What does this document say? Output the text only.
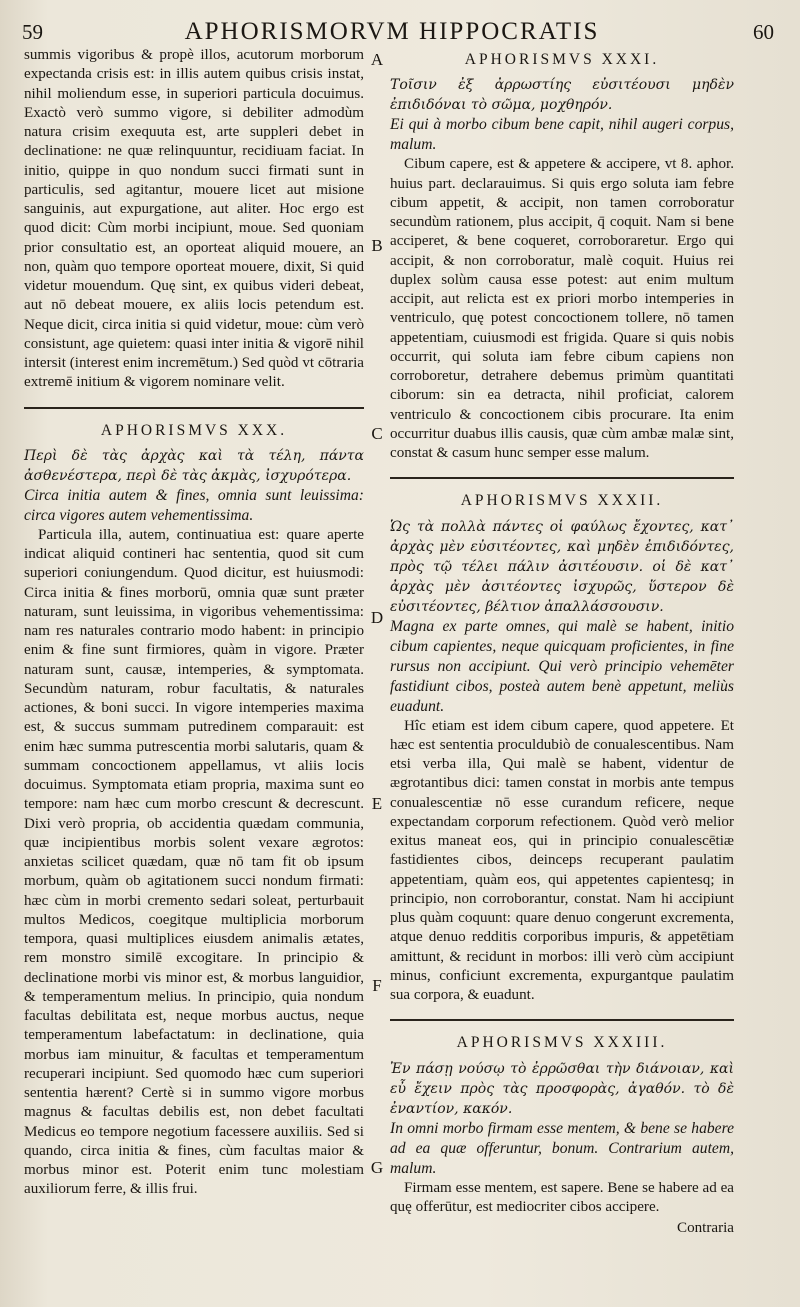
59	APHORISMORVM HIPPOCRATIS	60
A
B
C
D
E
F
G

summis vigoribus & propè illos, acutorum morborum expectanda crisis est: in illis autem quibus crisis instat, nihil moliendum esse, in superiori particula docuimus. Exactò verò summo vigore, si debiliter admodùm natura crisim exequuta est, arte suppleri debet in declinatione: ne quæ relinquuntur, recidiuam faciat. In initio, quippe in quo nondum succi firmati sunt in particulis, sed agitantur, mouere licet aut misione sanguinis, aut expurgatione, aut aliter. Hoc ergo est quod dicit: Cùm morbi incipiunt, moue. Sed quoniam prior consultatio est, an oporteat aliquid mouere, an non, quàm quo tempore oporteat mouere, dixit, Si quid videtur mouendum. Quę sint, ex quibus videri debeat, aut nō debeat mouere, ex aliis locis petendum est. Neque dicit, circa initia si quid videtur, moue: cùm verò consistunt, age quietem: quasi inter initia & vigorē nihil intersit (interest enim incremētum.) Sed quòd vt cōtraria extremē initium & vigorem nominare velit.

APHORISMVS XXX.

Περὶ δὲ τὰς ἀρχὰς καὶ τὰ τέλη, πάντα ἀσθενέστερα, περὶ δὲ τὰς ἀκμὰς, ἰσχυρότερα.

Circa initia autem & fines, omnia sunt leuissima: circa vigores autem vehementissima.

Particula illa, autem, continuatiua est: quare aperte indicat aliquid contineri hac sententia, quod sit cum superiori coniungendum. Quod dicitur, est huiusmodi: Circa initia & fines morborū, omnia quæ sunt præter naturam, sunt leuissima, in vigoribus vehementissima: nam res naturales contrario modo habent: in principio enim & fine sunt firmiores, quàm in vigore. Præter naturam sunt, causæ, intemperies, & symptomata. Secundùm naturam, robur facultatis, & naturales actiones, & boni succi. In vigore intemperies maxima est, & succus summam putredinem comparauit: est enim hæc summa putrescentia morbi salutaris, quam & summam concoctionem appellamus, vt aliis locis docuimus. Symptomata etiam propria, maxima sunt eo tempore: nam hæc cum morbo crescunt & decrescunt. Dixi verò propria, ob accidentia quædam communia, quæ incipientibus morbis solent vexare ægrotos: anxietas scilicet quædam, quæ nō tam fit ob ipsum morbum, quàm ob agitationem succi nondum firmati: hæc cùm in morbi cremento sedari soleat, perturbauit multos Medicos, coegitque multiplicia morborum tempora, quasi multiplices eiusdem animalis ætates, rem monstro similē excogitare. In principio & declinatione morbi vis minor est, & morbus languidior, & temperamentum melius. In principio, quia nondum facultas debilitata est, neque morbus auctus, neque temperamentum labefactatum: in declinatione, quia morbus iam minuitur, & facultas et temperamentum recuperari incipiunt. Sed quomodo hæc cum superiori sententia hærent? Certè si in summo vigore morbus magnus & facultas debilis est, non debet facultati Medicus eo tempore negotium facessere auxiliis. Sed si quando, circa initia & fines, cùm facultas maior & morbus minor est. Poterit enim tunc molestiam auxiliorum ferre, & illis frui.

APHORISMVS XXXI.

Τοῖσιν ἐξ ἀρρωστίης εὐσιτέουσι μηδὲν ἐπιδιδόναι τὸ σῶμα, μοχθηρόν.

Ei qui à morbo cibum bene capit, nihil augeri corpus, malum.

Cibum capere, est & appetere & accipere, vt 8. aphor. huius part. declarauimus. Si quis ergo soluta iam febre cibum appetit, & accipit, non tamen corroboratur secundùm rationem, plus accipit, q̄ coquit. Nam si bene acciperet, & bene coqueret, corroboraretur. Ergo qui accipit, & non corroboratur, malè coquit. Huius rei duplex solùm causa esse potest: aut enim multum accipit, aut relicta est ex priori morbo intemperies in ventriculo, quę potest concoctionem tollere, nō tamen appetentiam, cuiusmodi est frigida. Quare si quis nobis occurrit, qui soluta iam febre cibum capiens non corroboretur, detrahere debemus primùm quantitati ciborum: sin ea detracta, nihil proficiat, calorem ventriculo & concoctionem cibis procurare. Ita enim occurritur duabus illis causis, quæ cùm ambæ malæ sint, constat & casum hunc semper esse malum.

APHORISMVS XXXII.

Ὡς τὰ πολλὰ πάντες οἱ φαύλως ἔχοντες, κατ᾽ ἀρχὰς μὲν εὐσιτέοντες, καὶ μηδὲν ἐπιδιδόντες, πρὸς τῷ τέλει πάλιν ἀσιτέουσιν. οἱ δὲ κατ᾽ ἀρχὰς μὲν ἀσιτέοντες ἰσχυρῶς, ὕστερον δὲ εὐσιτέοντες, βέλτιον ἀπαλλάσσουσιν.

Magna ex parte omnes, qui malè se habent, initio cibum capientes, neque quicquam proficientes, in fine rursus non accipiunt. Qui verò principio vehemēter fastidiunt cibos, posteà autem benè appetunt, meliùs euadunt.

Hîc etiam est idem cibum capere, quod appetere. Et hæc est sententia proculdubiò de conualescentibus. Nam etsi verba illa, Qui malè se habent, videntur de ægrotantibus dici: tamen constat in morbis ante tempus conualescentiæ nō esse curandum reficere, neque expectandam corporum refectionem. Quòd verò melior exitus maneat eos, qui in principio conualescētiæ fastidientes cibos, deinceps recuperant paulatim appetentiam, quàm eos, qui appetentes capientesq; in principio, non corroborantur, constat. Nam hi accipiunt plus quàm coquunt: quare denuo congerunt excrementa, atque denuo redditis corporibus impuris, & appetētiam amittunt, & recidunt in morbos: illi verò cùm accipiunt minus, conficiunt excrementa, expurgantque paulatim sua corpora, & euadunt.

APHORISMVS XXXIII.

Ἐν πάσῃ νούσῳ τὸ ἐρρῶσθαι τὴν διάνοιαν, καὶ εὖ ἔχειν πρὸς τὰς προσφορὰς, ἀγαθόν. τὸ δὲ ἐναντίον, κακόν.

In omni morbo firmam esse mentem, & bene se habere ad ea quæ offeruntur, bonum. Contrarium autem, malum.

Firmam esse mentem, est sapere. Bene se habere ad ea quę offerūtur, est mediocriter cibos accipere.

Contraria
